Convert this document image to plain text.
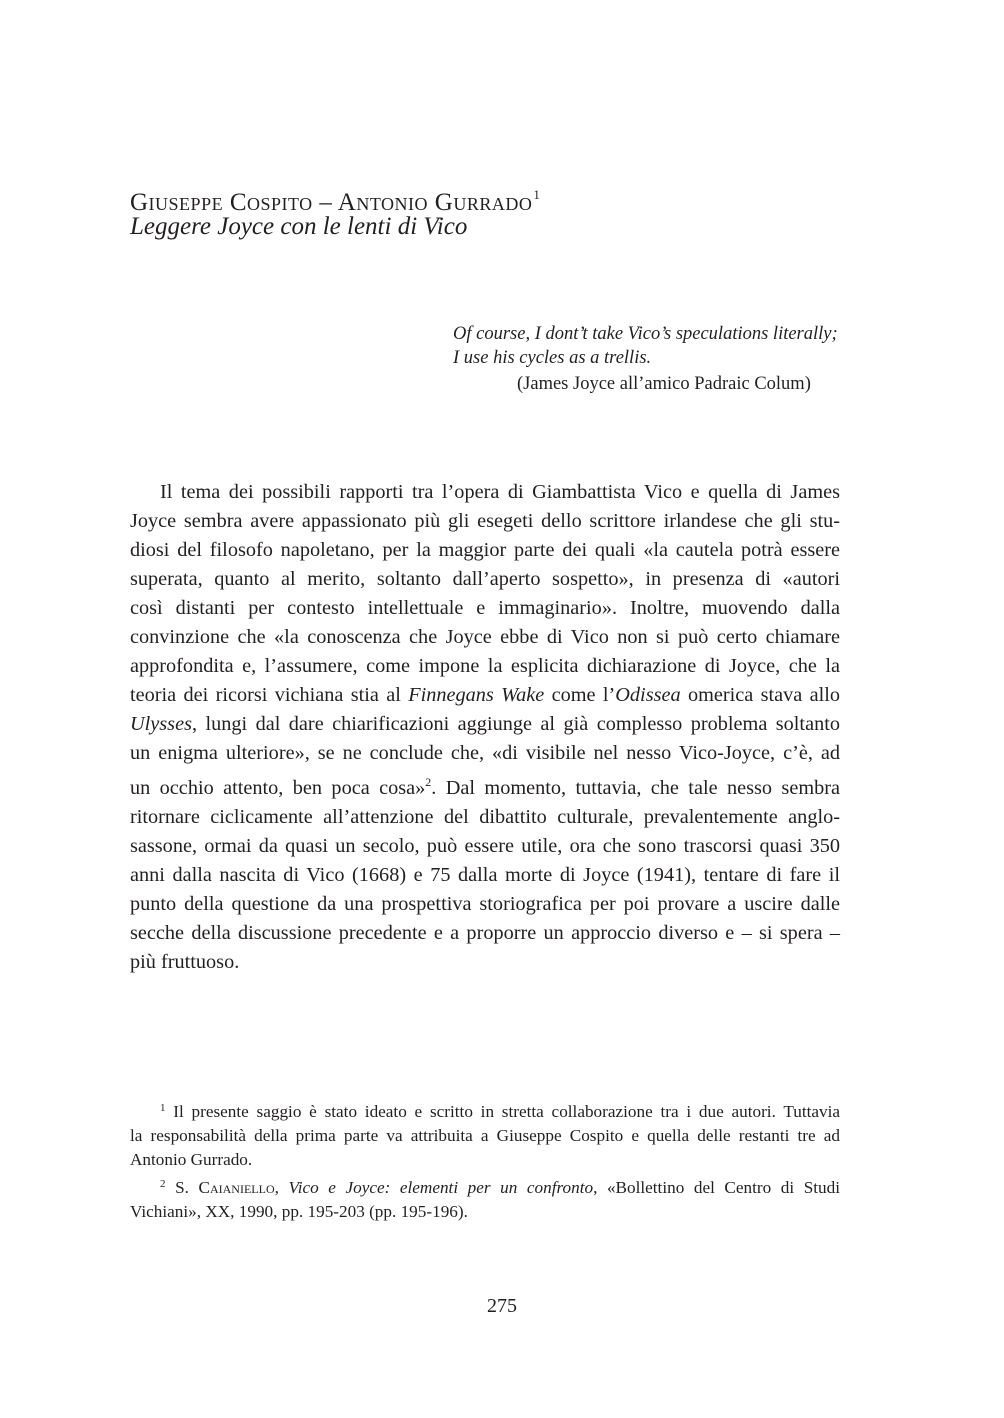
Giuseppe Cospito – Antonio Gurrado$^1$
Leggere Joyce con le lenti di Vico
Of course, I dont’t take Vico’s speculations literally;
I use his cycles as a trellis.
(James Joyce all’amico Padraic Colum)
Il tema dei possibili rapporti tra l’opera di Giambattista Vico e quella di James
Joyce sembra avere appassionato più gli esegeti dello scrittore irlandese che gli stu-
diosi del filosofo napoletano, per la maggior parte dei quali «la cautela potrà essere
superata, quanto al merito, soltanto dall’aperto sospetto», in presenza di «autori
così distanti per contesto intellettuale e immaginario». Inoltre, muovendo dalla
convinzione che «la conoscenza che Joyce ebbe di Vico non si può certo chiamare
approfondita e, l’assumere, come impone la esplicita dichiarazione di Joyce, che la
teoria dei ricorsi vichiana stia al Finnegans Wake come l’Odissea omerica stava allo
Ulysses, lungi dal dare chiarificazioni aggiunge al già complesso problema soltanto
un enigma ulteriore», se ne conclude che, «di visibile nel nesso Vico-Joyce, c’è, ad
un occhio attento, ben poca cosa»$^2$. Dal momento, tuttavia, che tale nesso sembra
ritornare ciclicamente all’attenzione del dibattito culturale, prevalentemente anglo-
sassone, ormai da quasi un secolo, può essere utile, ora che sono trascorsi quasi 350
anni dalla nascita di Vico (1668) e 75 dalla morte di Joyce (1941), tentare di fare il
punto della questione da una prospettiva storiografica per poi provare a uscire dalle
secche della discussione precedente e a proporre un approccio diverso e – si spera –
più fruttuoso.
$^1$ Il presente saggio è stato ideato e scritto in stretta collaborazione tra i due autori. Tuttavia
la responsabilità della prima parte va attribuita a Giuseppe Cospito e quella delle restanti tre ad
Antonio Gurrado.
$^2$ S. Caianiello, Vico e Joyce: elementi per un confronto, «Bollettino del Centro di Studi
Vichiani», XX, 1990, pp. 195-203 (pp. 195-196).
275
